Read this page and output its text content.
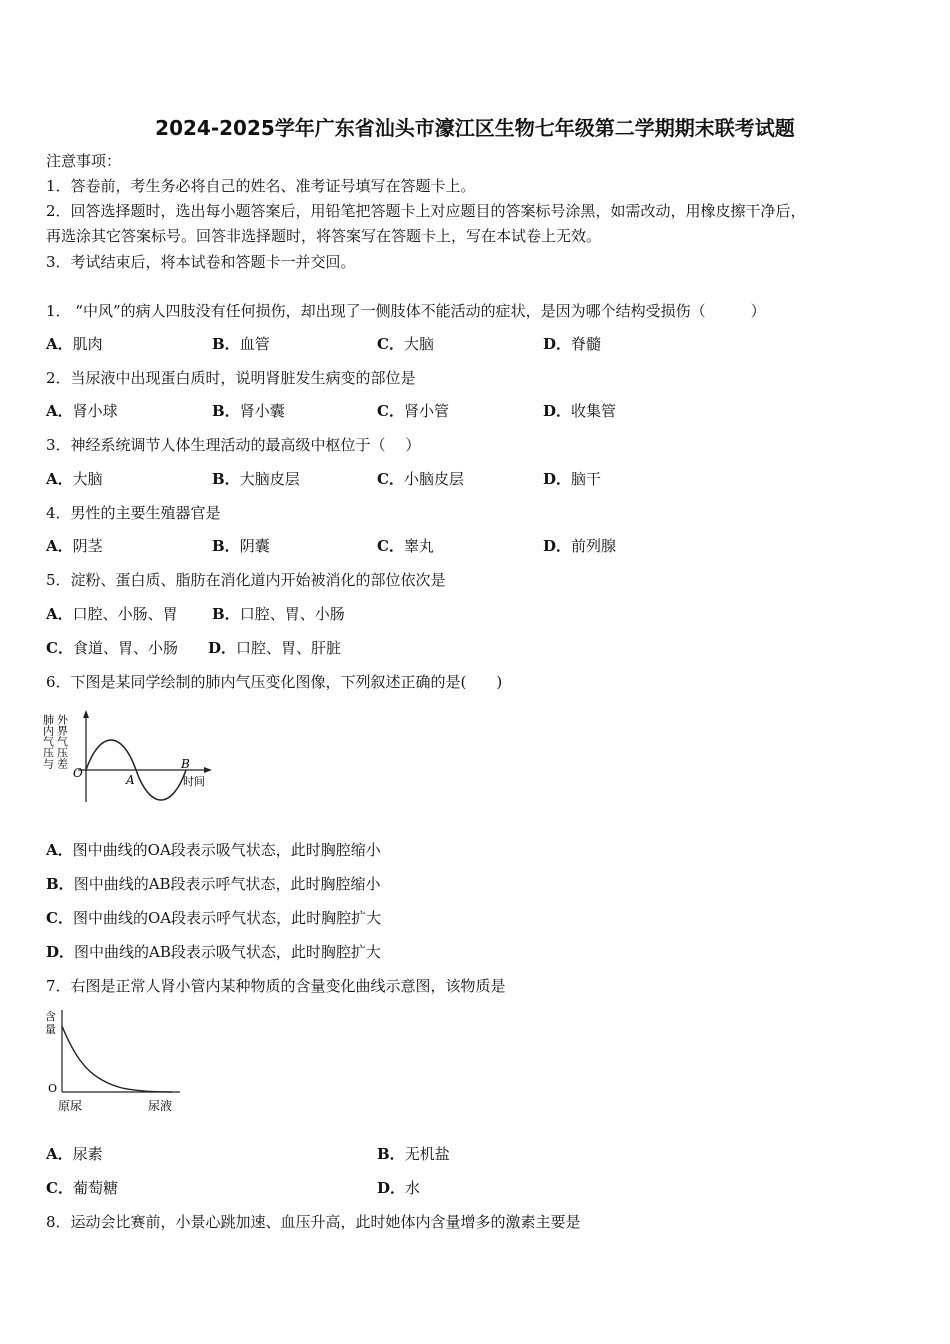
2024-2025学年广东省汕头市濠江区生物七年级第二学期期末联考试题
注意事项：
1．答卷前，考生务必将自己的姓名、准考证号填写在答题卡上。
2．回答选择题时，选出每小题答案后，用铅笔把答题卡上对应题目的答案标号涂黑，如需改动，用橡皮擦干净后，
再选涂其它答案标号。回答非选择题时，将答案写在答题卡上，写在本试卷上无效。
3．考试结束后，将本试卷和答题卡一并交回。
1． “中风”的病人四肢没有任何损伤，却出现了一侧肢体不能活动的症状，是因为哪个结构受损伤（　　　）
A．肌肉	B．血管	C．大脑	D．脊髓
2．当尿液中出现蛋白质时，说明肾脏发生病变的部位是
A．肾小球	B．肾小囊	C．肾小管	D．收集管
3．神经系统调节人体生理活动的最高级中枢位于（　 ）
A．大脑	B．大脑皮层	C．小脑皮层	D．脑干
4．男性的主要生殖器官是
A．阴茎	B．阴囊	C．睾丸	D．前列腺
5．淀粉、蛋白质、脂肪在消化道内开始被消化的部位依次是
A．口腔、小肠、胃 B．口腔、胃、小肠
C．食道、胃、小肠 D．口腔、胃、肝脏
6．下图是某同学绘制的肺内气压变化图像，下列叙述正确的是(　　)
肺内气压与 外界气压差
O	A
B
时间
A．图中曲线的OA段表示吸气状态，此时胸腔缩小
B．图中曲线的AB段表示呼气状态，此时胸腔缩小
C．图中曲线的OA段表示呼气状态，此时胸腔扩大
D．图中曲线的AB段表示吸气状态，此时胸腔扩大
7．右图是正常人肾小管内某种物质的含量变化曲线示意图，该物质是
含
量
O
原尿	尿液
A．尿素	B．无机盐
C．葡萄糖	D．水
8．运动会比赛前，小景心跳加速、血压升高，此时她体内含量增多的激素主要是
